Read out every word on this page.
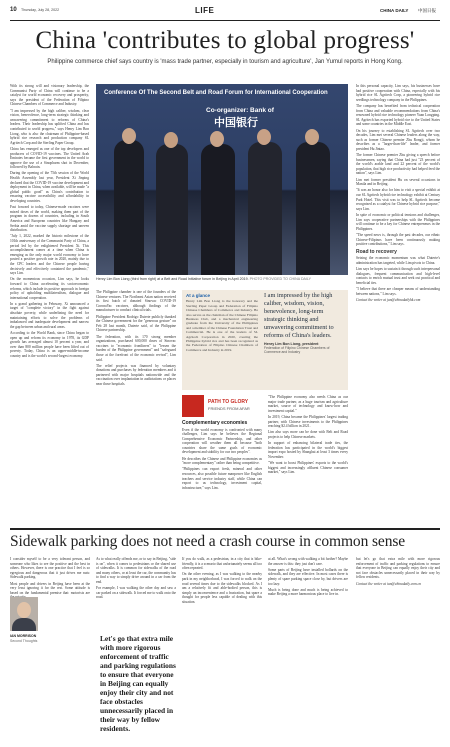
10 Thursday, July 28, 2022	LIFE	CHINA DAILY 中国日报
China 'contributes to global progress'
Philippine commerce chief says country is 'mass trade partner, especially in tourism and agriculture', Jan Yumul reports in Hong Kong.

With its strong will and visionary leadership, the Communist Party of China will continue to be a catalyst for world economic recovery and prosperity, says the president of the Federation of Filipino Chinese Chambers of Commerce and Industry.

"I am impressed by the high caliber, wisdom, clear vision, benevolence, long-term strategic thinking and unwavering commitment to reforms of China's leaders. Their leadership has uplifted China and has contributed to world progress," says Henry Lim Bon Liong, who is also the chairman of Philippine-based hybrid rice research and production company SL Agritech Corp and the Sterling Paper Group.

China has emerged as one of the top developers and producers of COVID-19 vaccines. The United Arab Emirates became the first government in the world to approve the use of a Sinopharm shot in December, followed by Bahrain.

During the opening of the 75th session of the World Health Assembly last year, President Xi Jinping declared that the COVID-19 vaccine development and deployment in China, when available, will be made "a global public good" as China's contribution to ensuring vaccine accessibility and affordability in developing countries.

Fast forward to today, Chinese-made vaccines were mixed doses of the world, making them part of the program in dozens of countries, including in South America and European countries like Hungary and Serbia amid the vaccine supply shortage and uneven distribution.

"July 1, 2022, marked the historic milestone of the 101th anniversary of the Communist Party of China, a period led by the enlightened President Xi. This accomplishment comes at a time when China is emerging as the only major world economy to have posted a positive growth rate in 2020, mainly due to the CPC leaders and the Chinese people having decisively and effectively contained the pandemic," says Lim.

On the momentous occasion, Lim says, he looks forward to China accelerating its socioeconomic reforms, which include its positive approach in foreign policy of upholding multilateralism, dialogue and international cooperation.

In a grand gathering in February, Xi announced a target of "complete victory" in the fight against absolute poverty, while underlining the need for maintaining efforts to solve the problems of imbalanced and inadequate development and narrow the gap between urban and rural areas.

According to the World Bank, since China began to open up and reform its economy in 1978, its GDP growth has averaged almost 10 percent a year, and over than 800 million people have been lifted out of poverty. Today, China is an upper-middle-income country and is the world's second-largest economy.

Conference Of The Second Belt and Road Forum for International Cooperation
Co-organizer: Bank of
中国银行
Henry Lim Bon Liong (third from right) at a Belt and Road Initiative forum in Beijing in April 2019. PHOTO PROVIDED TO CHINA DAILY

The Philippine chamber is one of the founders of the Chinese ventures. The Northeast Asian nation received its first batch of donated Sinovac COVID-19 CoronaVac vaccines, although findings of the manufacturer to conduct clinical trials.

Philippine President Rodrigo Duterte publicly thanked the Chinese government for the "generous gesture" on Feb 28 last month, Duterte said, of the Philippine Chinese partnership.

The federation, with its 170 strong member organizations, purchased 600,000 doses of Sinovac vaccines to "economic frontliners" to "lessen the burden of the Philippine government" and "safeguard those at the forefront of the economic revival", Lim said.

The relief projects was financed by voluntary donations and purchases by federation members and it partnered with major hospitals nationwide and the vaccination over implantation in audiotations or places near those hospitals.

PATH TO GLORY
FRIENDS FROM AFAR
Complementary economies

Even if the world economy is confronted with many challenges, Lim says he believes the Regional Comprehensive Economic Partnership, and other cooperation will weather them all because "both countries share the same goals of economic development and stability for our two peoples".

He describes the Chinese and Philippine economies as "more complementary" rather than being competitive.

"Philippines can export fresh, mineral and other resources, also possible future manpower like English teachers and service industry staff, while China can export to us technology, investment capital, infrastructure," says Lim.

At a glance
Henry Lim Bon Liong is the honorary and the Sterling Paper Group and Federation of Filipino Chinese Chambers of Commerce and Industry. He also serves as the chairman of the Chinese Filipino Business Club, and a mechanical engineering graduate from the University of the Philippines and a member of the Chinese Foundation Trust and Commercial. He is one of the leaders of SL Agritech Corporation in 2020, creating the Philippine hybrid rice and has been recognized as the Federation of Filipino Chinese Chambers of Commerce and Industry in 2019.
I am impressed by the high caliber, wisdom, vision, benevolence, long-term strategic thinking and unwavering commitment to reforms of China's leaders.
Henry Lim Bon Liong, president
Federation of Filipino Chinese Chambers of Commerce and Industry

"The Philippine economy also needs China as our major trade partner, as a huge tourism and agriculture market, source of technology and know-how and investment capital."

In 2019, China became the Philippines' largest trading partner, with Chinese investments to the Philippines reaching $2.4 billion in 2021.

Lim also says more can be done with Belt and Road projects to help Chinese markets.

In support of enhancing bilateral trade ties, the federation has participated in the world's biggest import expo hosted by Shanghai at least 3 times every November.

"We want to boost Philippines' exports to the world's biggest and increasingly affluent Chinese consumer market," says Lim.

In this personal capacity, Lim says, his businesses have had positive cooperation with China, especially with his hybrid rice SL Agritech Corp, a pioneering hybrid rice seedlings technology company in the Philippines.

The company has benefited from technical cooperation from China and valuable recommendations from China's renowned hybrid rice technology pioneer Yuan Longping. SL Agritech has exported hybrid rice to the United States and some countries in the Middle East.

On his journey to establishing SL Agritech over two decades, Lim met several Chinese leaders along the way, such as former Chinese premier Zhu Rongji, whom he describes as a "larger-than-life" leader, and former president Hu Jintao.

The former Chinese premier Zhu giving a speech before businessmen, saying that China had just "23 percent of the world's arable land and 22 percent of the world's population, that high rice productivity had helped feed the nation", says Lim.

Lim met former president Hu on several occasions in Manila and in Beijing.

"It was an honor also for him to visit a special exhibit at our SL Agritech hybrid rice technology exhibit at Century Park Hotel. This visit was to help SL Agritech become recognized as a catalyst for Chinese hybrid rice purpose," says Lim.

In spite of economic or political tensions and challenges, Lim says cooperative partnerships with the Philippines will continue to be a key for Chinese entrepreneurs in the Philippines.

"The speed news is, through the past decades, our ethnic Chinese-Filipinos have been continuously making positive contributions," Lim says.

Road to recovery

Seizing the economic momentum was what Duterte's administration has targeted, while Lim pivots to China.

Lim says he hopes to sustain it through such interpersonal dialogues, frequent communication and high-level contacts to enrich mutual trust and seek out practical and beneficial ties.

"I believe that there are cheaper means of understanding between nations," Lim says.

Contact the writer at jan@chinadailyhk.com

Sidewalk parking does not need a crash course in common sense

I consider myself to be a very tolerant person, and someone who likes to see the positive and the best in others. However, there is one practice that I feel is so egregious and dangerous that it just drives me nuts: Sidewalk parking.

Most people and drivers in Beijing have been at the very least ignoring it for the rest. Some attitude is based on the fundamental premise that: motorists are

IAN MORRISON
Second Thoughts

As to what really offends me, or to say in Beijing, "side is on", when it comes to pedestrians or the shared use of sidewalks. It is common for sidewalks of the road and many others, or at least the car, the community has to find a way to simply drive around in a car from the end.

For example, I was walking the other day and saw a car parked on a sidewalk. It forced me to walk onto the road.

Let's go that extra mile with more rigorous enforcement of traffic and parking regulations to ensure that everyone in Beijing can equally enjoy their city and not face obstacles unnecessarily placed in their way by fellow residents.

If you do walk, as a pedestrian, in a city that is bike-friendly, it is a scenario that unfortunately seems all too often repeated.

On the other evening, as I was walking to the nearby park in my neighborhood, I was forced to walk on the road several times due to the sidewalks blocked. As I am a relatively fit and able-bodied person, this is simply an inconvenience and a frustration, but spare a thought for people less capable of dealing with this situation.

at all. What's wrong with walking a bit further? Maybe the answer is this: they just don't care.

Some parts of Beijing have installed bollards on the sidewalk, and they are effective. In most cases there is plenty of spare parking space close by, but drivers are too lazy.

Much is being done and much is being achieved to make Beijing a more harmonious place to live in.

but let's go that extra mile with more rigorous enforcement of traffic and parking regulations to ensure that everyone in Beijing can equally enjoy their city and not face obstacles unnecessarily placed in their way by fellow residents.

Contact the writer at ian@chinadaily.com.cn
